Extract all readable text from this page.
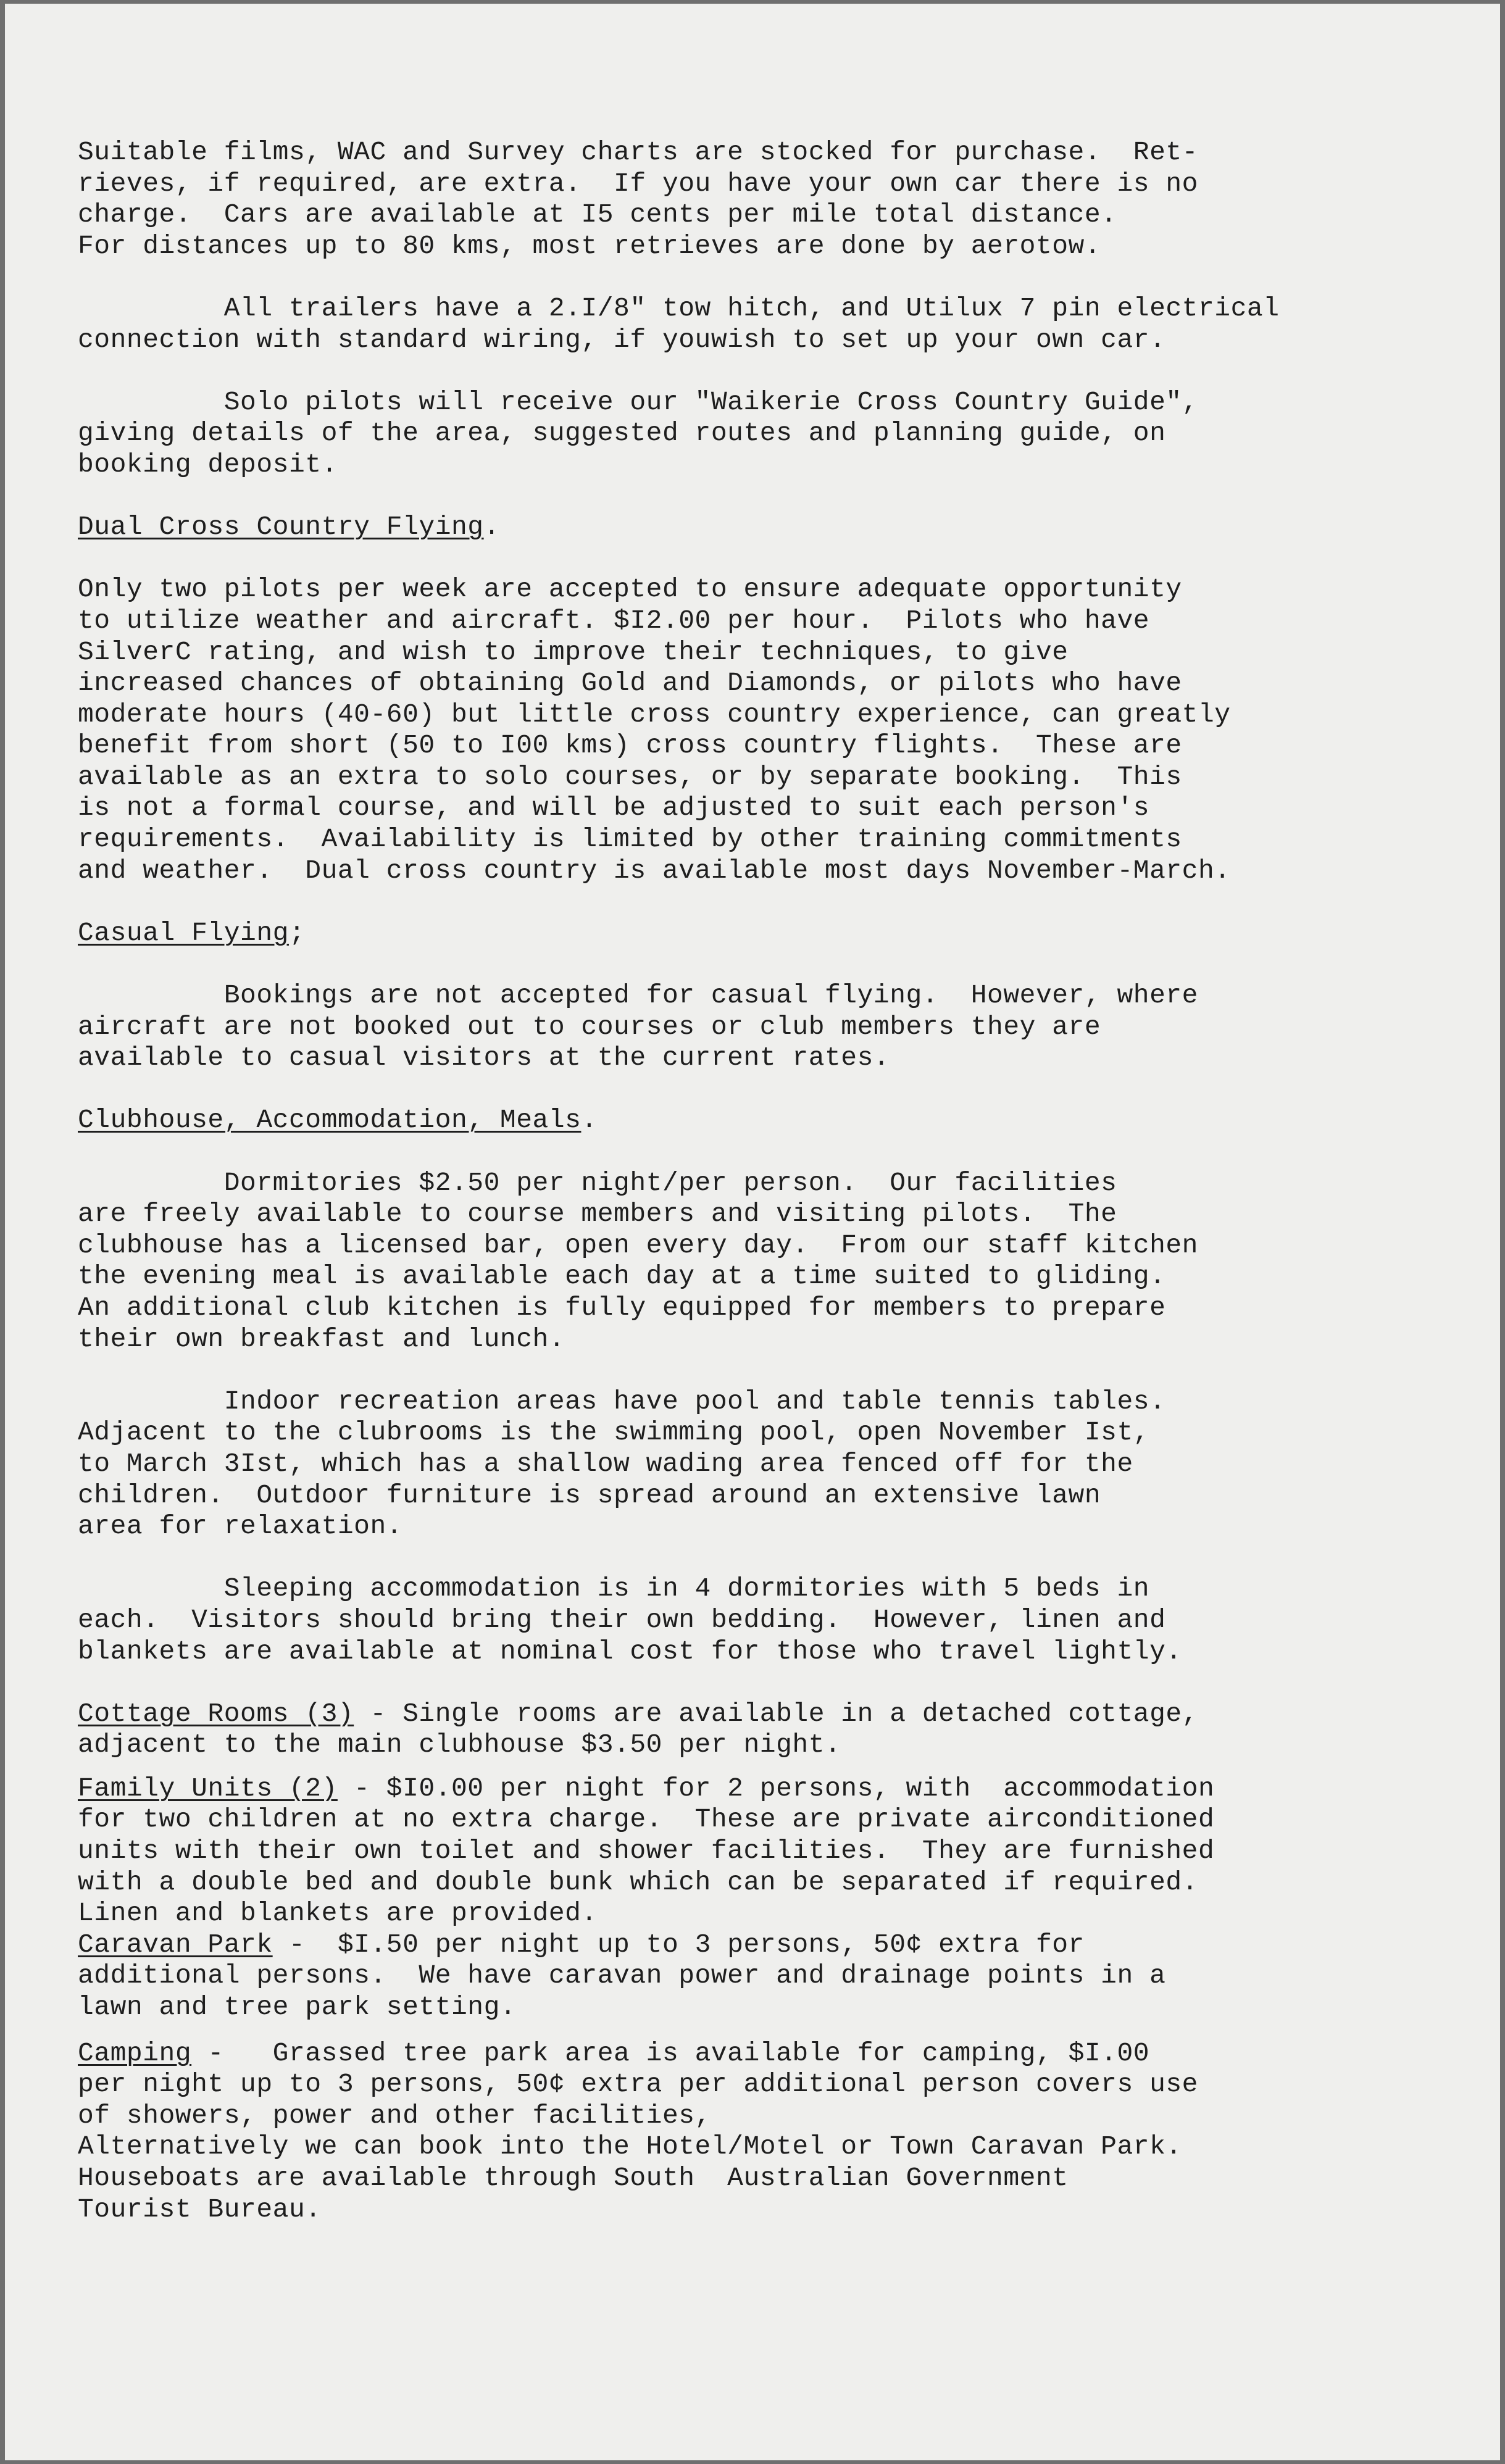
Suitable films, WAC and Survey charts are stocked for purchase.  Ret-
rieves, if required, are extra.  If you have your own car there is no
charge.  Cars are available at I5 cents per mile total distance.
For distances up to 80 kms, most retrieves are done by aerotow.
All trailers have a 2.I/8" tow hitch, and Utilux 7 pin electrical
connection with standard wiring, if youwish to set up your own car.
Solo pilots will receive our "Waikerie Cross Country Guide",
giving details of the area, suggested routes and planning guide, on
booking deposit.
Dual Cross Country Flying.
Only two pilots per week are accepted to ensure adequate opportunity
to utilize weather and aircraft. $I2.00 per hour.  Pilots who have
SilverC rating, and wish to improve their techniques, to give
increased chances of obtaining Gold and Diamonds, or pilots who have
moderate hours (40-60) but little cross country experience, can greatly
benefit from short (50 to I00 kms) cross country flights.  These are
available as an extra to solo courses, or by separate booking.  This
is not a formal course, and will be adjusted to suit each person's
requirements.  Availability is limited by other training commitments
and weather.  Dual cross country is available most days November-March.
Casual Flying;
Bookings are not accepted for casual flying.  However, where
aircraft are not booked out to courses or club members they are
available to casual visitors at the current rates.
Clubhouse, Accommodation, Meals.
Dormitories $2.50 per night/per person.  Our facilities
are freely available to course members and visiting pilots.  The
clubhouse has a licensed bar, open every day.  From our staff kitchen
the evening meal is available each day at a time suited to gliding.
An additional club kitchen is fully equipped for members to prepare
their own breakfast and lunch.
Indoor recreation areas have pool and table tennis tables.
Adjacent to the clubrooms is the swimming pool, open November Ist,
to March 3Ist, which has a shallow wading area fenced off for the
children.  Outdoor furniture is spread around an extensive lawn
area for relaxation.
Sleeping accommodation is in 4 dormitories with 5 beds in
each.  Visitors should bring their own bedding.  However, linen and
blankets are available at nominal cost for those who travel lightly.
Cottage Rooms (3) - Single rooms are available in a detached cottage,
adjacent to the main clubhouse $3.50 per night.
Family Units (2) - $I0.00 per night for 2 persons, with  accommodation
for two children at no extra charge.  These are private airconditioned
units with their own toilet and shower facilities.  They are furnished
with a double bed and double bunk which can be separated if required.
Linen and blankets are provided.
Caravan Park -  $I.50 per night up to 3 persons, 50¢ extra for
additional persons.  We have caravan power and drainage points in a
lawn and tree park setting.
Camping -   Grassed tree park area is available for camping, $I.00
per night up to 3 persons, 50¢ extra per additional person covers use
of showers, power and other facilities,
Alternatively we can book into the Hotel/Motel or Town Caravan Park.
Houseboats are available through South  Australian Government
Tourist Bureau.
